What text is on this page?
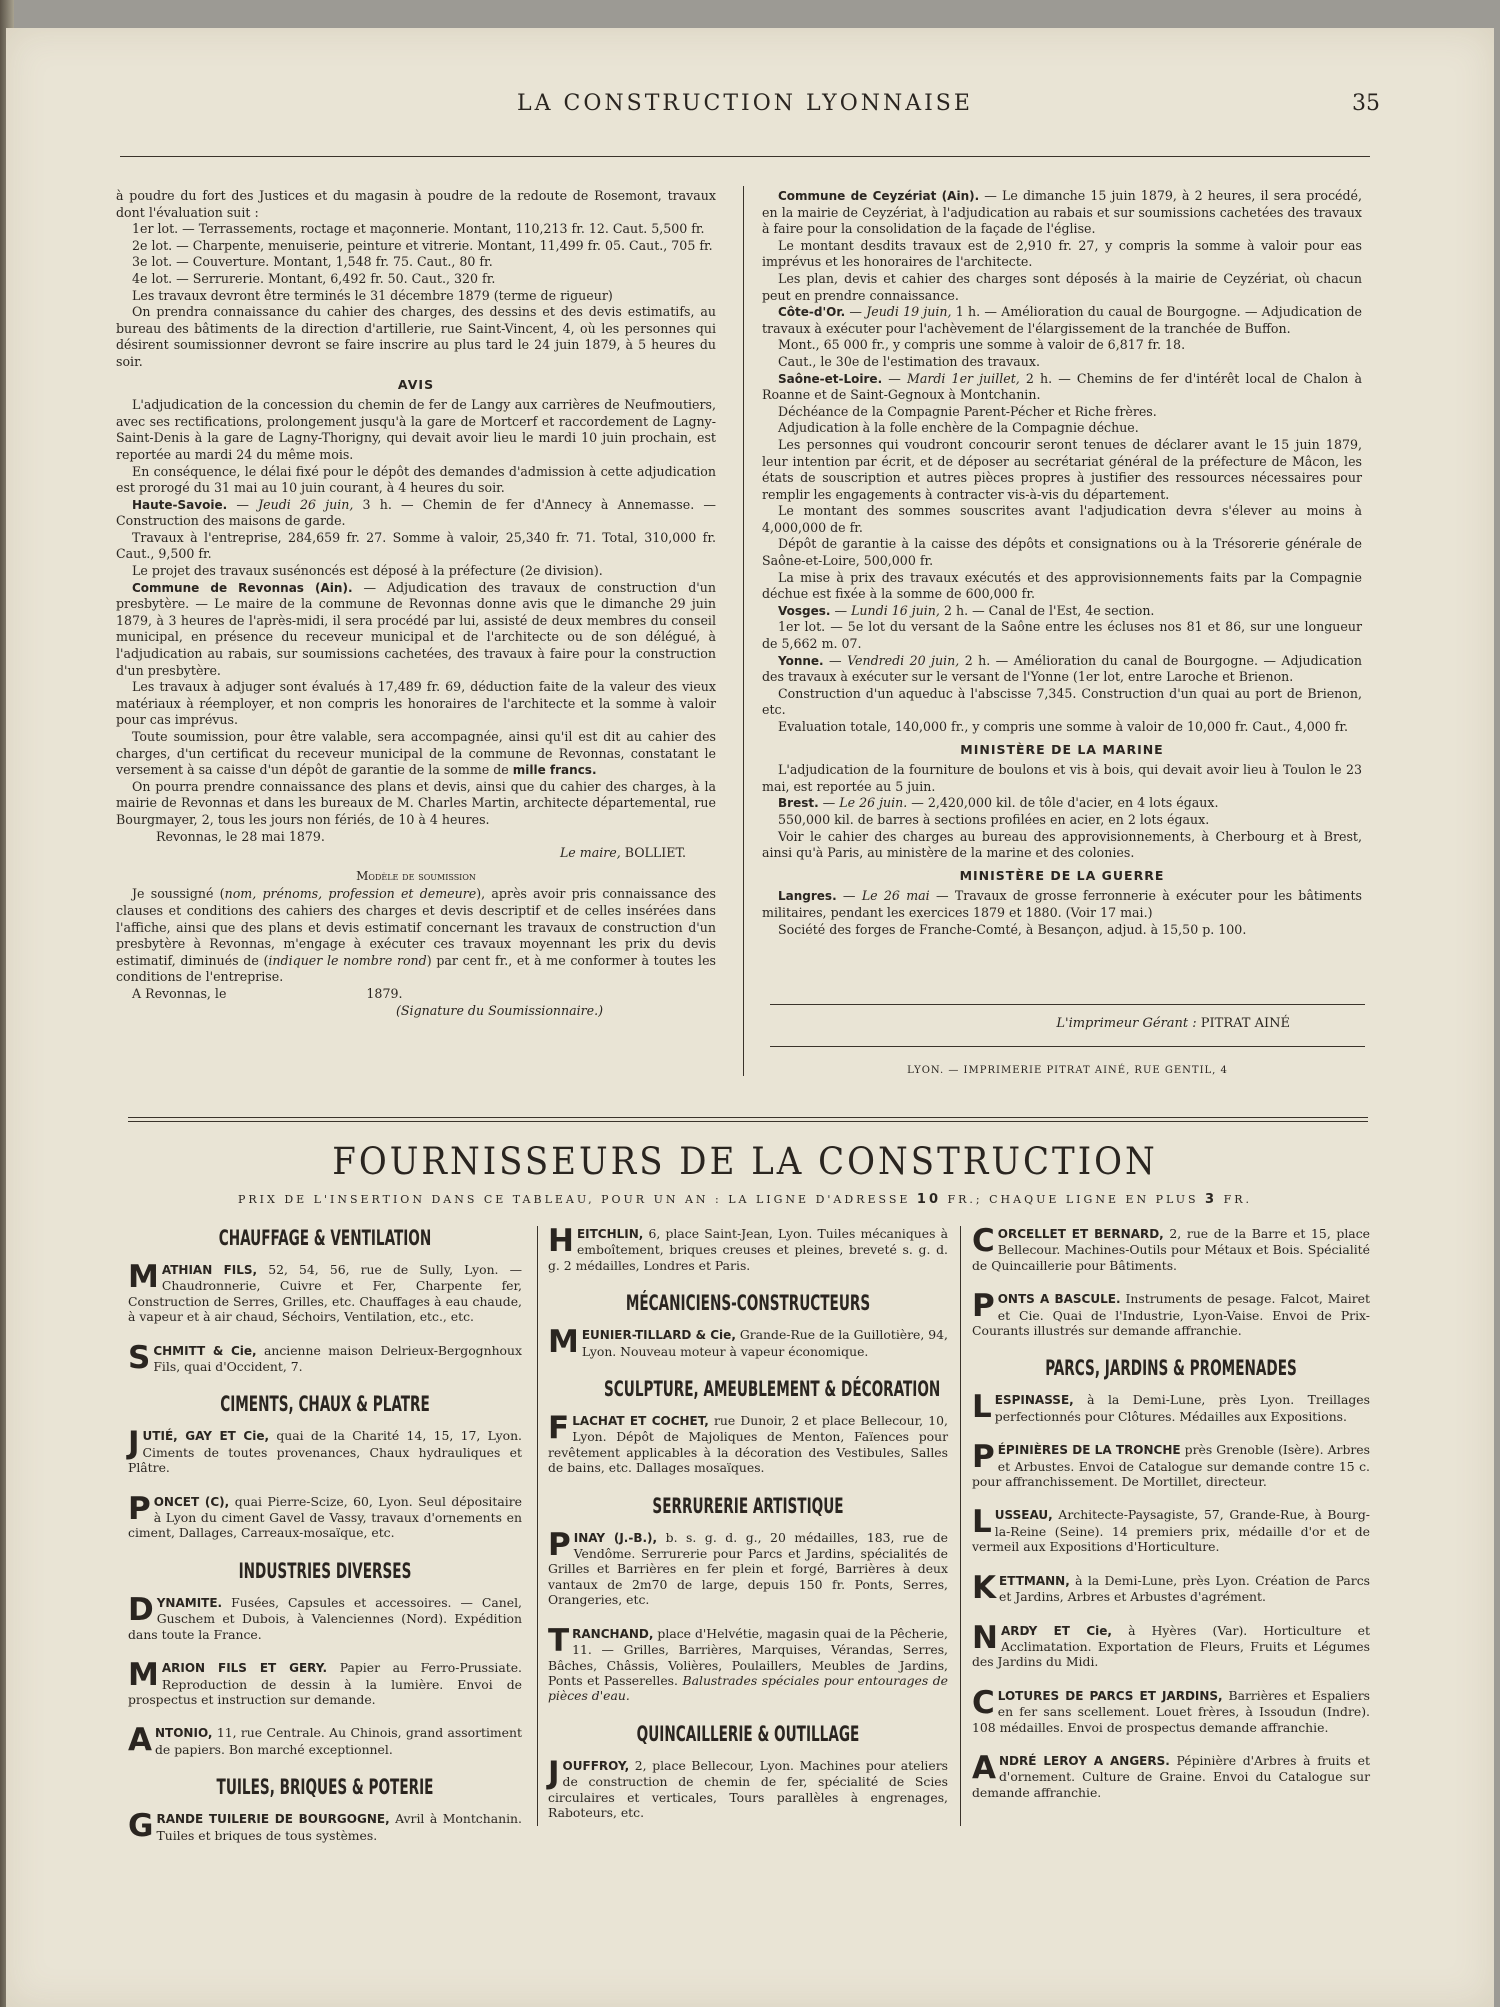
LA CONSTRUCTION LYONNAISE	35

à poudre du fort des Justices et du magasin à poudre de la redoute de Rosemont, travaux dont l'évaluation suit :

1er lot. — Terrassements, roctage et maçonnerie. Montant, 110,213 fr. 12. Caut. 5,500 fr.

2e lot. — Charpente, menuiserie, peinture et vitrerie. Montant, 11,499 fr. 05. Caut., 705 fr.

3e lot. — Couverture. Montant, 1,548 fr. 75. Caut., 80 fr.

4e lot. — Serrurerie. Montant, 6,492 fr. 50. Caut., 320 fr.

Les travaux devront être terminés le 31 décembre 1879 (terme de rigueur)

On prendra connaissance du cahier des charges, des dessins et des devis estimatifs, au bureau des bâtiments de la direction d'artillerie, rue Saint-Vincent, 4, où les personnes qui désirent soumissionner devront se faire inscrire au plus tard le 24 juin 1879, à 5 heures du soir.

AVIS

L'adjudication de la concession du chemin de fer de Langy aux carrières de Neufmoutiers, avec ses rectifications, prolongement jusqu'à la gare de Mortcerf et raccordement de Lagny-Saint-Denis à la gare de Lagny-Thorigny, qui devait avoir lieu le mardi 10 juin prochain, est reportée au mardi 24 du même mois.

En conséquence, le délai fixé pour le dépôt des demandes d'admission à cette adjudication est prorogé du 31 mai au 10 juin courant, à 4 heures du soir.

Haute-Savoie. — Jeudi 26 juin, 3 h. — Chemin de fer d'Annecy à Annemasse. — Construction des maisons de garde.

Travaux à l'entreprise, 284,659 fr. 27. Somme à valoir, 25,340 fr. 71. Total, 310,000 fr. Caut., 9,500 fr.

Le projet des travaux susénoncés est déposé à la préfecture (2e division).

Commune de Revonnas (Ain). — Adjudication des travaux de construction d'un presbytère. — Le maire de la commune de Revonnas donne avis que le dimanche 29 juin 1879, à 3 heures de l'après-midi, il sera procédé par lui, assisté de deux membres du conseil municipal, en présence du receveur municipal et de l'architecte ou de son délégué, à l'adjudication au rabais, sur soumissions cachetées, des travaux à faire pour la construction d'un presbytère.

Les travaux à adjuger sont évalués à 17,489 fr. 69, déduction faite de la valeur des vieux matériaux à réemployer, et non compris les honoraires de l'architecte et la somme à valoir pour cas imprévus.

Toute soumission, pour être valable, sera accompagnée, ainsi qu'il est dit au cahier des charges, d'un certificat du receveur municipal de la commune de Revonnas, constatant le versement à sa caisse d'un dépôt de garantie de la somme de mille francs.

On pourra prendre connaissance des plans et devis, ainsi que du cahier des charges, à la mairie de Revonnas et dans les bureaux de M. Charles Martin, architecte départemental, rue Bourgmayer, 2, tous les jours non fériés, de 10 à 4 heures.

Revonnas, le 28 mai 1879.

Le maire, BOLLIET.

Modèle de soumission

Je soussigné (nom, prénoms, profession et demeure), après avoir pris connaissance des clauses et conditions des cahiers des charges et devis descriptif et de celles insérées dans l'affiche, ainsi que des plans et devis estimatif concernant les travaux de construction d'un presbytère à Revonnas, m'engage à exécuter ces travaux moyennant les prix du devis estimatif, diminués de (indiquer le nombre rond) par cent fr., et à me conformer à toutes les conditions de l'entreprise.

A Revonnas, le	1879.

(Signature du Soumissionnaire.)

Commune de Ceyzériat (Ain). — Le dimanche 15 juin 1879, à 2 heures, il sera procédé, en la mairie de Ceyzériat, à l'adjudication au rabais et sur soumissions cachetées des travaux à faire pour la consolidation de la façade de l'église.

Le montant desdits travaux est de 2,910 fr. 27, y compris la somme à valoir pour eas imprévus et les honoraires de l'architecte.

Les plan, devis et cahier des charges sont déposés à la mairie de Ceyzériat, où chacun peut en prendre connaissance.

Côte-d'Or. — Jeudi 19 juin, 1 h. — Amélioration du caual de Bourgogne. — Adjudication de travaux à exécuter pour l'achèvement de l'élargissement de la tranchée de Buffon.

Mont., 65 000 fr., y compris une somme à valoir de 6,817 fr. 18.

Caut., le 30e de l'estimation des travaux.

Saône-et-Loire. — Mardi 1er juillet, 2 h. — Chemins de fer d'intérêt local de Chalon à Roanne et de Saint-Gegnoux à Montchanin.

Déchéance de la Compagnie Parent-Pécher et Riche frères.

Adjudication à la folle enchère de la Compagnie déchue.

Les personnes qui voudront concourir seront tenues de déclarer avant le 15 juin 1879, leur intention par écrit, et de déposer au secrétariat général de la préfecture de Mâcon, les états de souscription et autres pièces propres à justifier des ressources nécessaires pour remplir les engagements à contracter vis-à-vis du département.

Le montant des sommes souscrites avant l'adjudication devra s'élever au moins à 4,000,000 de fr.

Dépôt de garantie à la caisse des dépôts et consignations ou à la Trésorerie générale de Saône-et-Loire, 500,000 fr.

La mise à prix des travaux exécutés et des approvisionnements faits par la Compagnie déchue est fixée à la somme de 600,000 fr.

Vosges. — Lundi 16 juin, 2 h. — Canal de l'Est, 4e section.

1er lot. — 5e lot du versant de la Saône entre les écluses nos 81 et 86, sur une longueur de 5,662 m. 07.

Yonne. — Vendredi 20 juin, 2 h. — Amélioration du canal de Bourgogne. — Adjudication des travaux à exécuter sur le versant de l'Yonne (1er lot, entre Laroche et Brienon.

Construction d'un aqueduc à l'abscisse 7,345. Construction d'un quai au port de Brienon, etc.

Evaluation totale, 140,000 fr., y compris une somme à valoir de 10,000 fr. Caut., 4,000 fr.

MINISTÈRE DE LA MARINE

L'adjudication de la fourniture de boulons et vis à bois, qui devait avoir lieu à Toulon le 23 mai, est reportée au 5 juin.

Brest. — Le 26 juin. — 2,420,000 kil. de tôle d'acier, en 4 lots égaux.

550,000 kil. de barres à sections profilées en acier, en 2 lots égaux.

Voir le cahier des charges au bureau des approvisionnements, à Cherbourg et à Brest, ainsi qu'à Paris, au ministère de la marine et des colonies.

MINISTÈRE DE LA GUERRE

Langres. — Le 26 mai — Travaux de grosse ferronnerie à exécuter pour les bâtiments militaires, pendant les exercices 1879 et 1880. (Voir 17 mai.)

Société des forges de Franche-Comté, à Besançon, adjud. à 15,50 p. 100.

L'imprimeur Gérant : PITRAT AINÉ
LYON. — IMPRIMERIE PITRAT AINÉ, RUE GENTIL, 4
FOURNISSEURS DE LA CONSTRUCTION
PRIX DE L'INSERTION DANS CE TABLEAU, POUR UN AN : LA LIGNE D'ADRESSE 10 FR.; CHAQUE LIGNE EN PLUS 3 FR.
CHAUFFAGE & VENTILATION
MATHIAN FILS, 52, 54, 56, rue de Sully, Lyon. — Chaudronnerie, Cuivre et Fer, Charpente fer, Construction de Serres, Grilles, etc. Chauffages à eau chaude, à vapeur et à air chaud, Séchoirs, Ventilation, etc., etc.
SCHMITT & Cie, ancienne maison Delrieux-Bergognhoux Fils, quai d'Occident, 7.
CIMENTS, CHAUX & PLATRE
JUTIÉ, GAY ET Cie, quai de la Charité 14, 15, 17, Lyon. Ciments de toutes provenances, Chaux hydrauliques et Plâtre.
PONCET (C), quai Pierre-Scize, 60, Lyon. Seul dépositaire à Lyon du ciment Gavel de Vassy, travaux d'ornements en ciment, Dallages, Carreaux-mosaïque, etc.
INDUSTRIES DIVERSES
DYNAMITE. Fusées, Capsules et accessoires. — Canel, Guschem et Dubois, à Valenciennes (Nord). Expédition dans toute la France.
MARION FILS ET GERY. Papier au Ferro-Prussiate. Reproduction de dessin à la lumière. Envoi de prospectus et instruction sur demande.
ANTONIO, 11, rue Centrale. Au Chinois, grand assortiment de papiers. Bon marché exceptionnel.
TUILES, BRIQUES & POTERIE
GRANDE TUILERIE DE BOURGOGNE, Avril à Montchanin. Tuiles et briques de tous systèmes.
HEITCHLIN, 6, place Saint-Jean, Lyon. Tuiles mécaniques à emboîtement, briques creuses et pleines, breveté s. g. d. g. 2 médailles, Londres et Paris.
MÉCANICIENS-CONSTRUCTEURS
MEUNIER-TILLARD & Cie, Grande-Rue de la Guillotière, 94, Lyon. Nouveau moteur à vapeur économique.
SCULPTURE, AMEUBLEMENT & DÉCORATION
FLACHAT ET COCHET, rue Dunoir, 2 et place Bellecour, 10, Lyon. Dépôt de Majoliques de Menton, Faïences pour revêtement applicables à la décoration des Vestibules, Salles de bains, etc. Dallages mosaïques.
SERRURERIE ARTISTIQUE
PINAY (J.-B.), b. s. g. d. g., 20 médailles, 183, rue de Vendôme. Serrurerie pour Parcs et Jardins, spécialités de Grilles et Barrières en fer plein et forgé, Barrières à deux vantaux de 2m70 de large, depuis 150 fr. Ponts, Serres, Orangeries, etc.
TRANCHAND, place d'Helvétie, magasin quai de la Pêcherie, 11. — Grilles, Barrières, Marquises, Vérandas, Serres, Bâches, Châssis, Volières, Poulaillers, Meubles de Jardins, Ponts et Passerelles. Balustrades spéciales pour entourages de pièces d'eau.
QUINCAILLERIE & OUTILLAGE
JOUFFROY, 2, place Bellecour, Lyon. Machines pour ateliers de construction de chemin de fer, spécialité de Scies circulaires et verticales, Tours parallèles à engrenages, Raboteurs, etc.
CORCELLET ET BERNARD, 2, rue de la Barre et 15, place Bellecour. Machines-Outils pour Métaux et Bois. Spécialité de Quincaillerie pour Bâtiments.
PONTS A BASCULE. Instruments de pesage. Falcot, Mairet et Cie. Quai de l'Industrie, Lyon-Vaise. Envoi de Prix-Courants illustrés sur demande affranchie.
PARCS, JARDINS & PROMENADES
LESPINASSE, à la Demi-Lune, près Lyon. Treillages perfectionnés pour Clôtures. Médailles aux Expositions.
PÉPINIÈRES DE LA TRONCHE près Grenoble (Isère). Arbres et Arbustes. Envoi de Catalogue sur demande contre 15 c. pour affranchissement. De Mortillet, directeur.
LUSSEAU, Architecte-Paysagiste, 57, Grande-Rue, à Bourg-la-Reine (Seine). 14 premiers prix, médaille d'or et de vermeil aux Expositions d'Horticulture.
KETTMANN, à la Demi-Lune, près Lyon. Création de Parcs et Jardins, Arbres et Arbustes d'agrément.
NARDY ET Cie, à Hyères (Var). Horticulture et Acclimatation. Exportation de Fleurs, Fruits et Légumes des Jardins du Midi.
CLOTURES DE PARCS ET JARDINS, Barrières et Espaliers en fer sans scellement. Louet frères, à Issoudun (Indre). 108 médailles. Envoi de prospectus demande affranchie.
ANDRÉ LEROY A ANGERS. Pépinière d'Arbres à fruits et d'ornement. Culture de Graine. Envoi du Catalogue sur demande affranchie.
